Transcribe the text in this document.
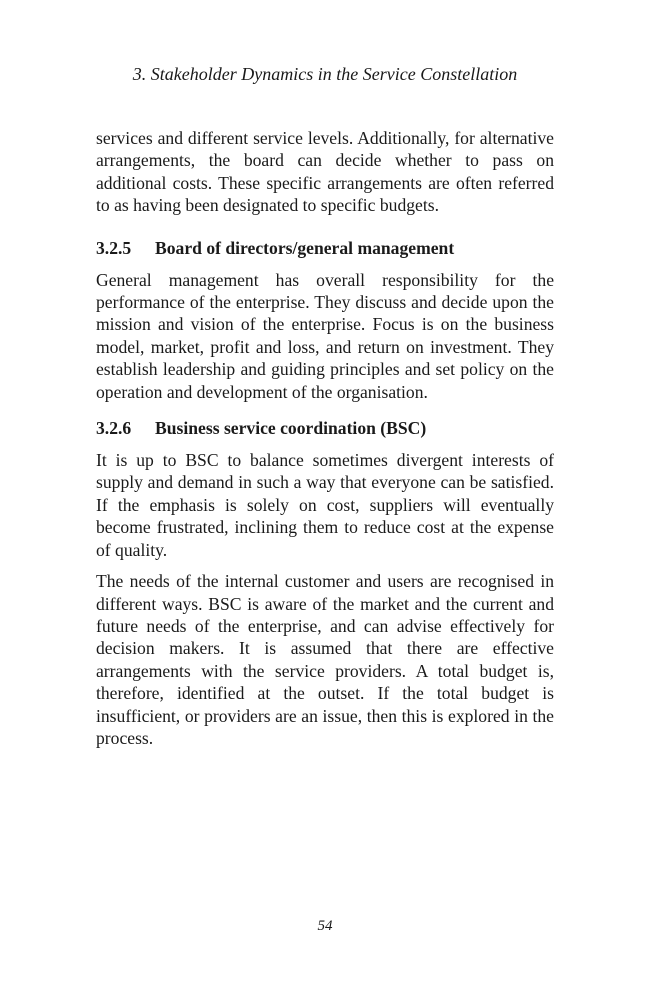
3. Stakeholder Dynamics in the Service Constellation

services and different service levels. Additionally, for alternative arrangements, the board can decide whether to pass on additional costs. These specific arrangements are often referred to as having been designated to specific budgets.

3.2.5 Board of directors/general management

General management has overall responsibility for the performance of the enterprise. They discuss and decide upon the mission and vision of the enterprise. Focus is on the business model, market, profit and loss, and return on investment. They establish leadership and guiding principles and set policy on the operation and development of the organisation.

3.2.6 Business service coordination (BSC)

It is up to BSC to balance sometimes divergent interests of supply and demand in such a way that everyone can be satisfied. If the emphasis is solely on cost, suppliers will eventually become frustrated, inclining them to reduce cost at the expense of quality.

The needs of the internal customer and users are recognised in different ways. BSC is aware of the market and the current and future needs of the enterprise, and can advise effectively for decision makers. It is assumed that there are effective arrangements with the service providers. A total budget is, therefore, identified at the outset. If the total budget is insufficient, or providers are an issue, then this is explored in the process.

54
